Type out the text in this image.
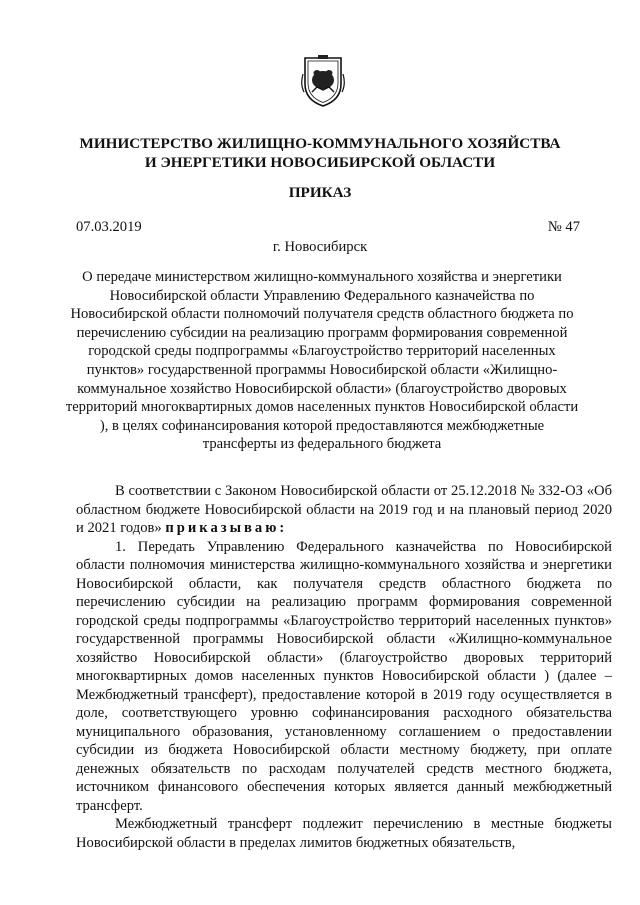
МИНИСТЕРСТВО ЖИЛИЩНО-КОММУНАЛЬНОГО ХОЗЯЙСТВА
И ЭНЕРГЕТИКИ НОВОСИБИРСКОЙ ОБЛАСТИ
ПРИКАЗ
07.03.2019	№ 47
г. Новосибирск
О передаче министерством жилищно-коммунального хозяйства и энергетики Новосибирской области Управлению Федерального казначейства по Новосибирской области полномочий получателя средств областного бюджета по перечислению субсидии на реализацию программ формирования современной городской среды подпрограммы «Благоустройство территорий населенных пунктов» государственной программы Новосибирской области «Жилищно-коммунальное хозяйство Новосибирской области» (благоустройство дворовых территорий многоквартирных домов населенных пунктов Новосибирской области ), в целях софинансирования которой предоставляются межбюджетные трансферты из федерального бюджета

В соответствии с Законом Новосибирской области от 25.12.2018 № 332-ОЗ «Об областном бюджете Новосибирской области на 2019 год и на плановый период 2020 и 2021 годов» приказываю:

1. Передать Управлению Федерального казначейства по Новосибирской области полномочия министерства жилищно-коммунального хозяйства и энергетики Новосибирской области, как получателя средств областного бюджета по перечислению субсидии на реализацию программ формирования современной городской среды подпрограммы «Благоустройство территорий населенных пунктов» государственной программы Новосибирской области «Жилищно-коммунальное хозяйство Новосибирской области» (благоустройство дворовых территорий многоквартирных домов населенных пунктов Новосибирской области ) (далее – Межбюджетный трансферт), предоставление которой в 2019 году осуществляется в доле, соответствующего уровню софинансирования расходного обязательства муниципального образования, установленному соглашением о предоставлении субсидии из бюджета Новосибирской области местному бюджету, при оплате денежных обязательств по расходам получателей средств местного бюджета, источником финансового обеспечения которых является данный межбюджетный трансферт.

Межбюджетный трансферт подлежит перечислению в местные бюджеты Новосибирской области в пределах лимитов бюджетных обязательств,
